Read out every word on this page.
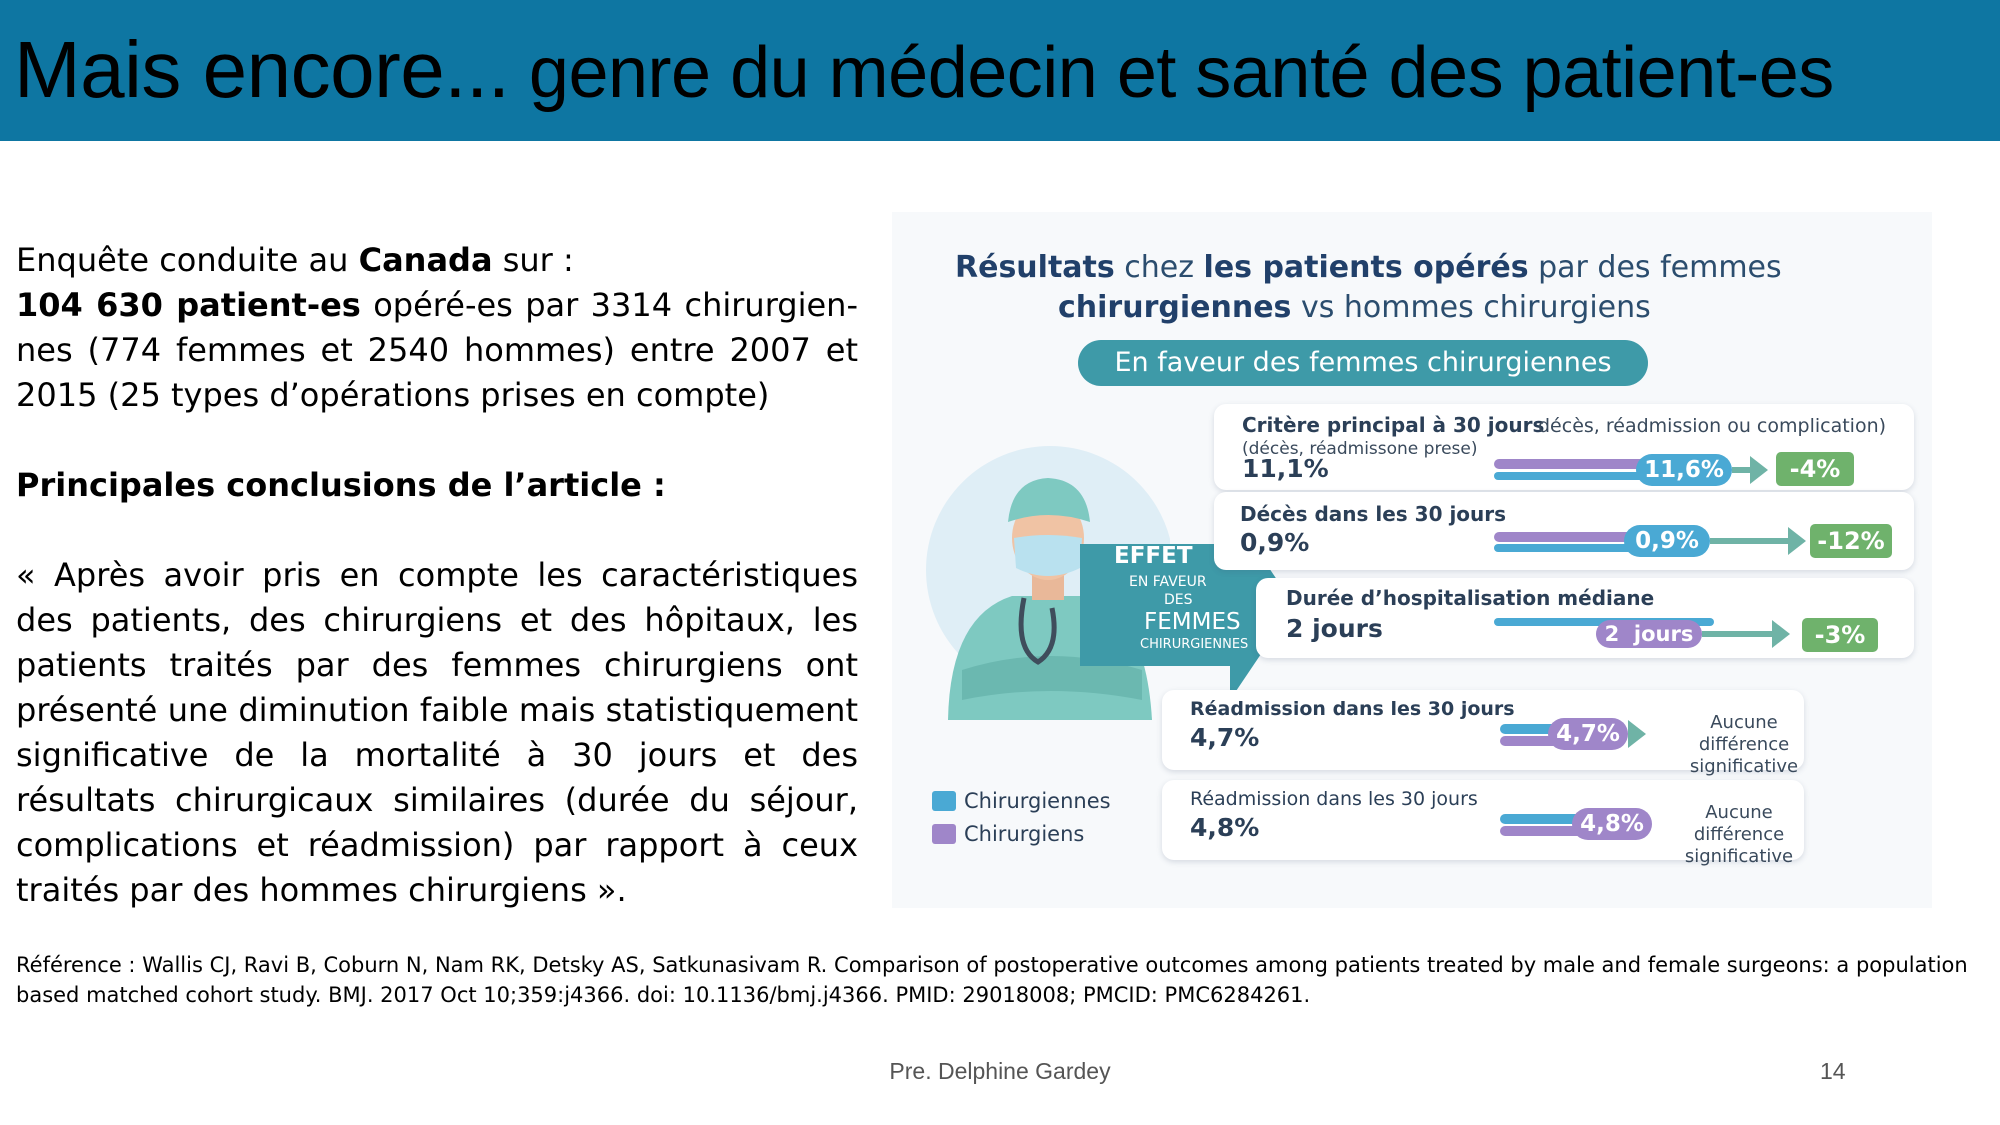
Mais encore... genre du médecin et santé des patient-es

Enquête conduite au Canada sur :

104 630 patient-es opéré-es par 3314 chirurgien-nes (774 femmes et 2540 hommes) entre 2007 et 2015 (25 types d’opérations prises en compte)

Principales conclusions de l’article :

« Après avoir pris en compte les caractéristiques des patients, des chirurgiens et des hôpitaux, les patients traités par des femmes chirurgiens ont présenté une diminution faible mais statistiquement significative de la mortalité à 30 jours et des résultats chirurgicaux similaires (durée du séjour, complications et réadmission) par rapport à ceux traités par des hommes chirurgiens ».

Résultats chez les patients opérés par des femmes
chirurgiennes vs hommes chirurgiens
En faveur des femmes chirurgiennes
EFFET
EN FAVEUR
DES
FEMMES
CHIRURGIENNES
Critère principal à 30 jours
décès, réadmission ou complication)
(décès, réadmissone prese)
11,1%	11,6%	-4%
Décès dans les 30 jours
0,9%	0,9%	-12%
Durée d’hospitalisation médiane
2 jours	2  jours	-3%
Réadmission dans les 30 jours
4,7%	4,7%	Aucune différence significative
Réadmission dans les 30 jours
4,8%	4,8%	Aucune différence significative
Chirurgiennes
Chirurgiens
Référence : Wallis CJ, Ravi B, Coburn N, Nam RK, Detsky AS, Satkunasivam R. Comparison of postoperative outcomes among patients treated by male and female surgeons: a population based matched cohort study. BMJ. 2017 Oct 10;359:j4366. doi: 10.1136/bmj.j4366. PMID: 29018008; PMCID: PMC6284261.
Pre. Delphine Gardey	14
